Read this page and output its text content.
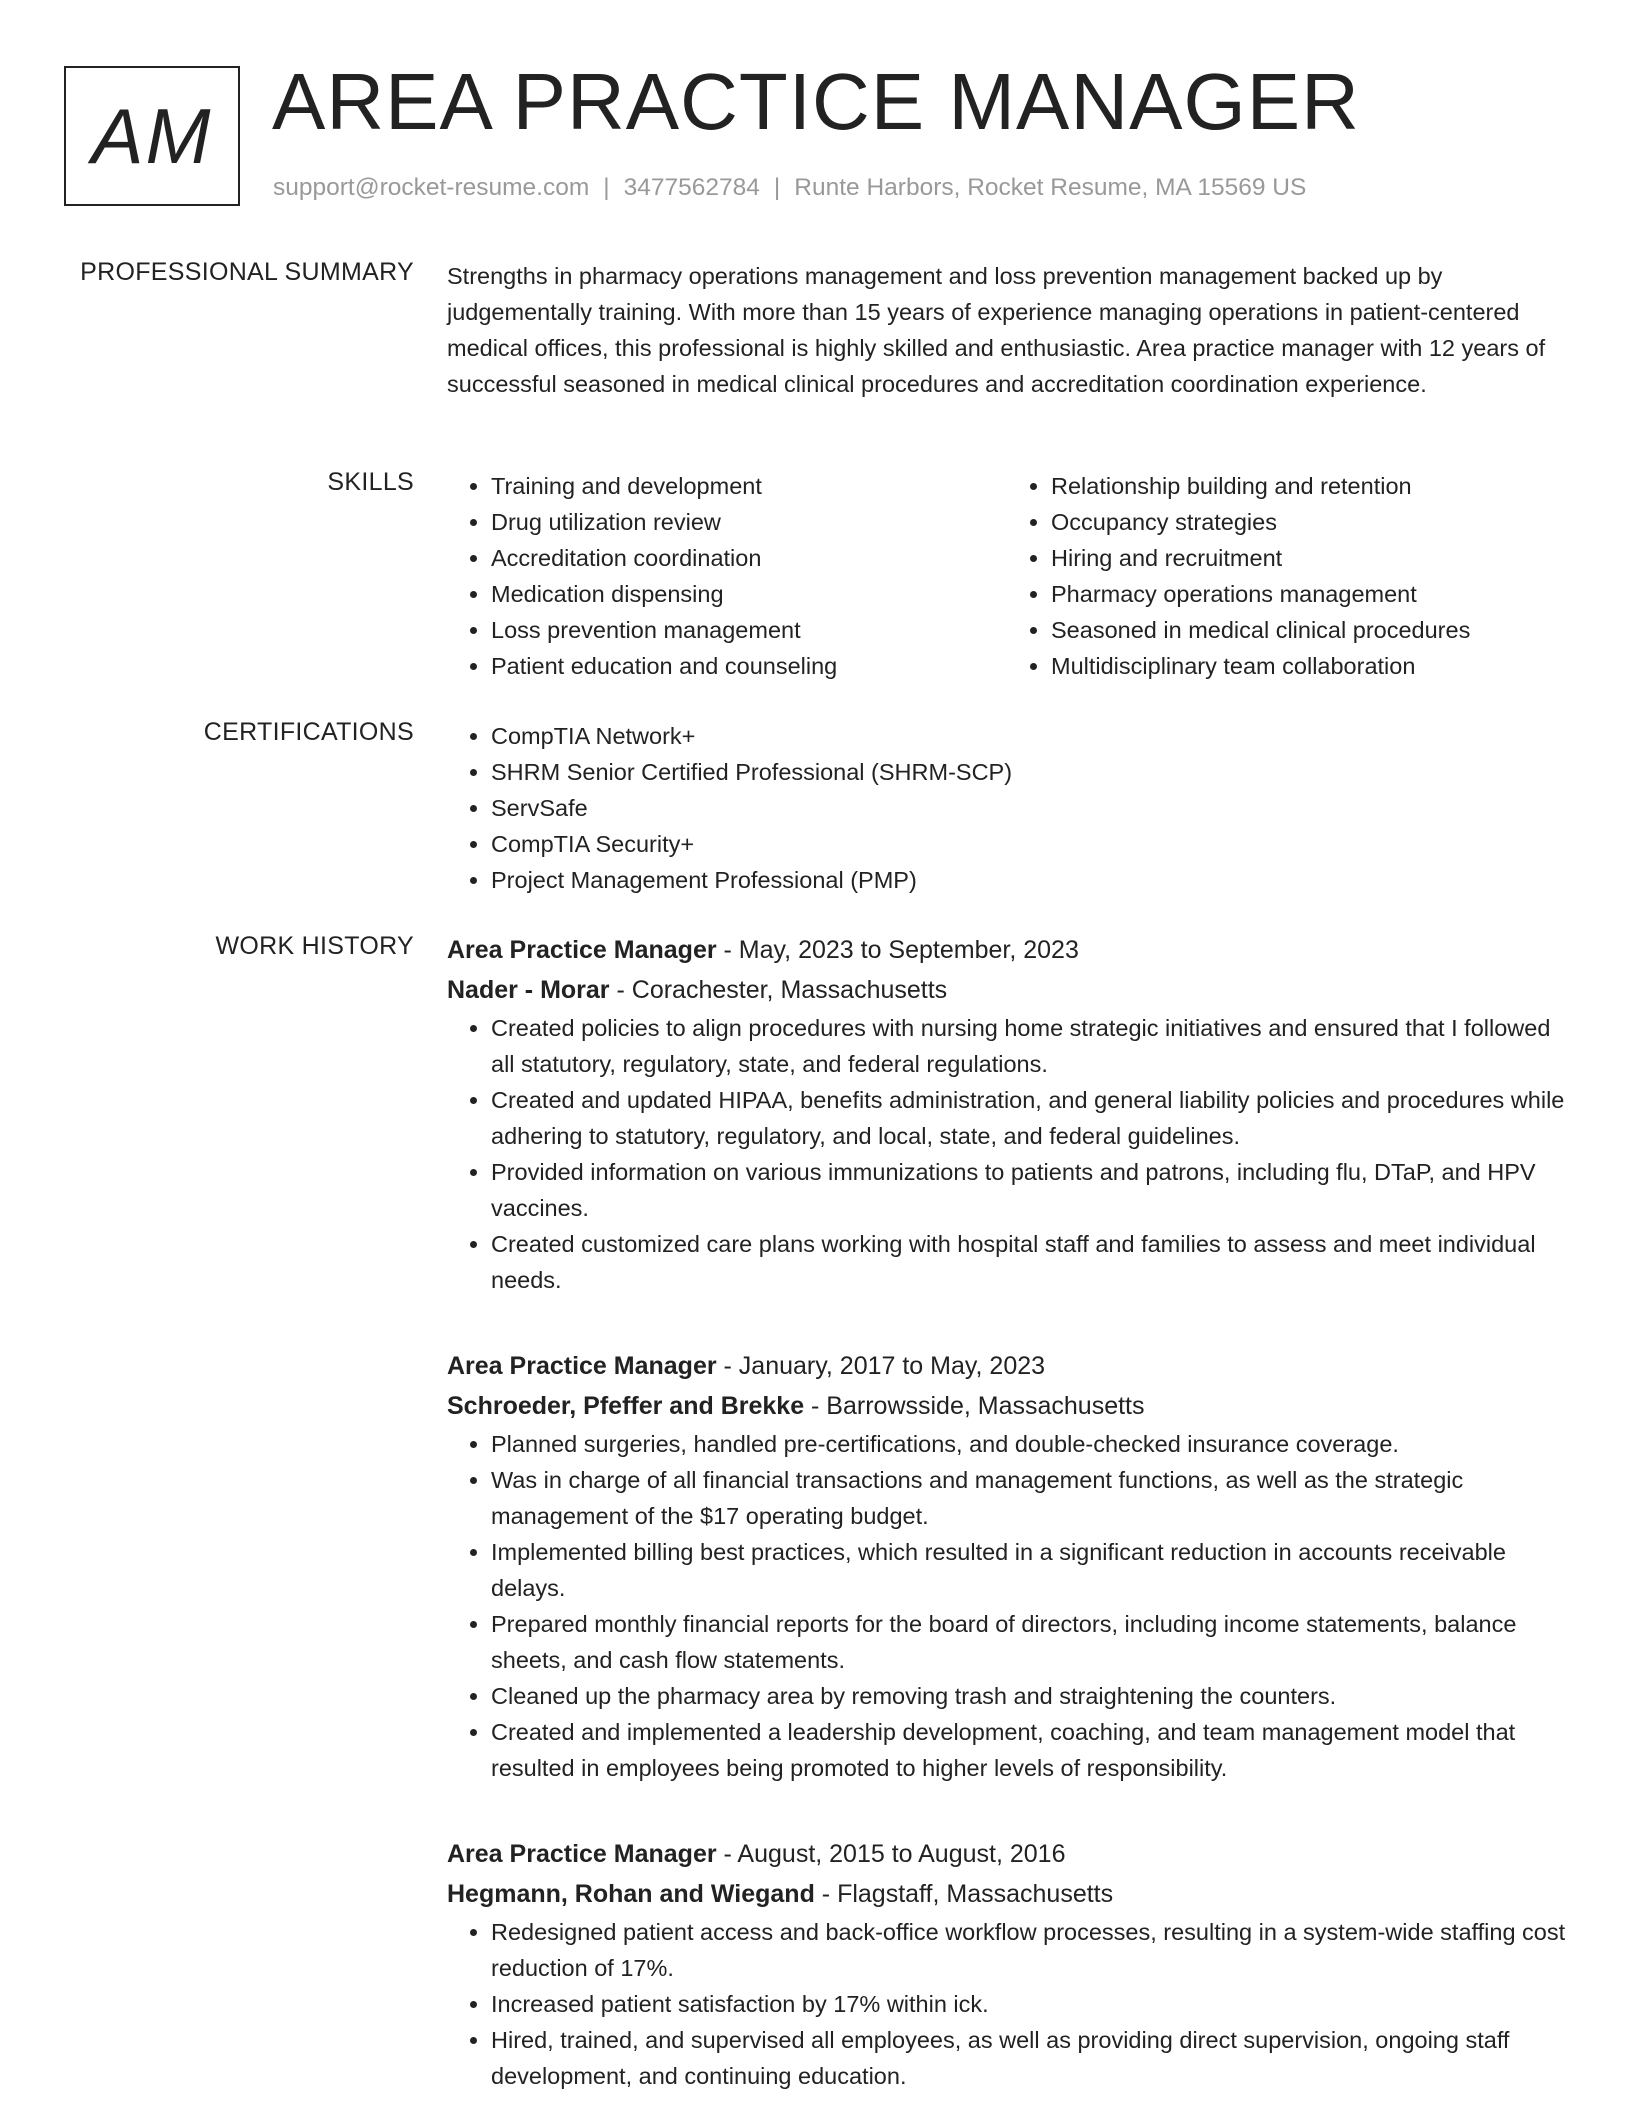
AM AREA PRACTICE MANAGER
support@rocket-resume.com | 3477562784 | Runte Harbors, Rocket Resume, MA 15569 US
PROFESSIONAL SUMMARY Strengths in pharmacy operations management and loss prevention management backed up by judgementally training. With more than 15 years of experience managing operations in patient-centered medical offices, this professional is highly skilled and enthusiastic. Area practice manager with 12 years of successful seasoned in medical clinical procedures and accreditation coordination experience.

SKILLS	• Training and development
• Drug utilization review
• Accreditation coordination
• Medication dispensing
• Loss prevention management
• Patient education and counseling
• Relationship building and retention
• Occupancy strategies
• Hiring and recruitment
• Pharmacy operations management
• Seasoned in medical clinical procedures
• Multidisciplinary team collaboration
CERTIFICATIONS	• CompTIA Network+
• SHRM Senior Certified Professional (SHRM-SCP)
• ServSafe
• CompTIA Security+
• Project Management Professional (PMP)
WORK HISTORY Area Practice Manager - May, 2023 to September, 2023
Nader - Morar - Corachester, Massachusetts
• Created policies to align procedures with nursing home strategic initiatives and ensured that I followed all statutory, regulatory, state, and federal regulations.
• Created and updated HIPAA, benefits administration, and general liability policies and procedures while adhering to statutory, regulatory, and local, state, and federal guidelines.
• Provided information on various immunizations to patients and patrons, including flu, DTaP, and HPV vaccines.
• Created customized care plans working with hospital staff and families to assess and meet individual needs.
Area Practice Manager - January, 2017 to May, 2023
Schroeder, Pfeffer and Brekke - Barrowsside, Massachusetts
• Planned surgeries, handled pre-certifications, and double-checked insurance coverage.
• Was in charge of all financial transactions and management functions, as well as the strategic management of the $17 operating budget.
• Implemented billing best practices, which resulted in a significant reduction in accounts receivable delays.
• Prepared monthly financial reports for the board of directors, including income statements, balance sheets, and cash flow statements.
• Cleaned up the pharmacy area by removing trash and straightening the counters.
• Created and implemented a leadership development, coaching, and team management model that resulted in employees being promoted to higher levels of responsibility.
Area Practice Manager - August, 2015 to August, 2016
Hegmann, Rohan and Wiegand - Flagstaff, Massachusetts
• Redesigned patient access and back-office workflow processes, resulting in a system-wide staffing cost reduction of 17%.
• Increased patient satisfaction by 17% within ick.
• Hired, trained, and supervised all employees, as well as providing direct supervision, ongoing staff development, and continuing education.
